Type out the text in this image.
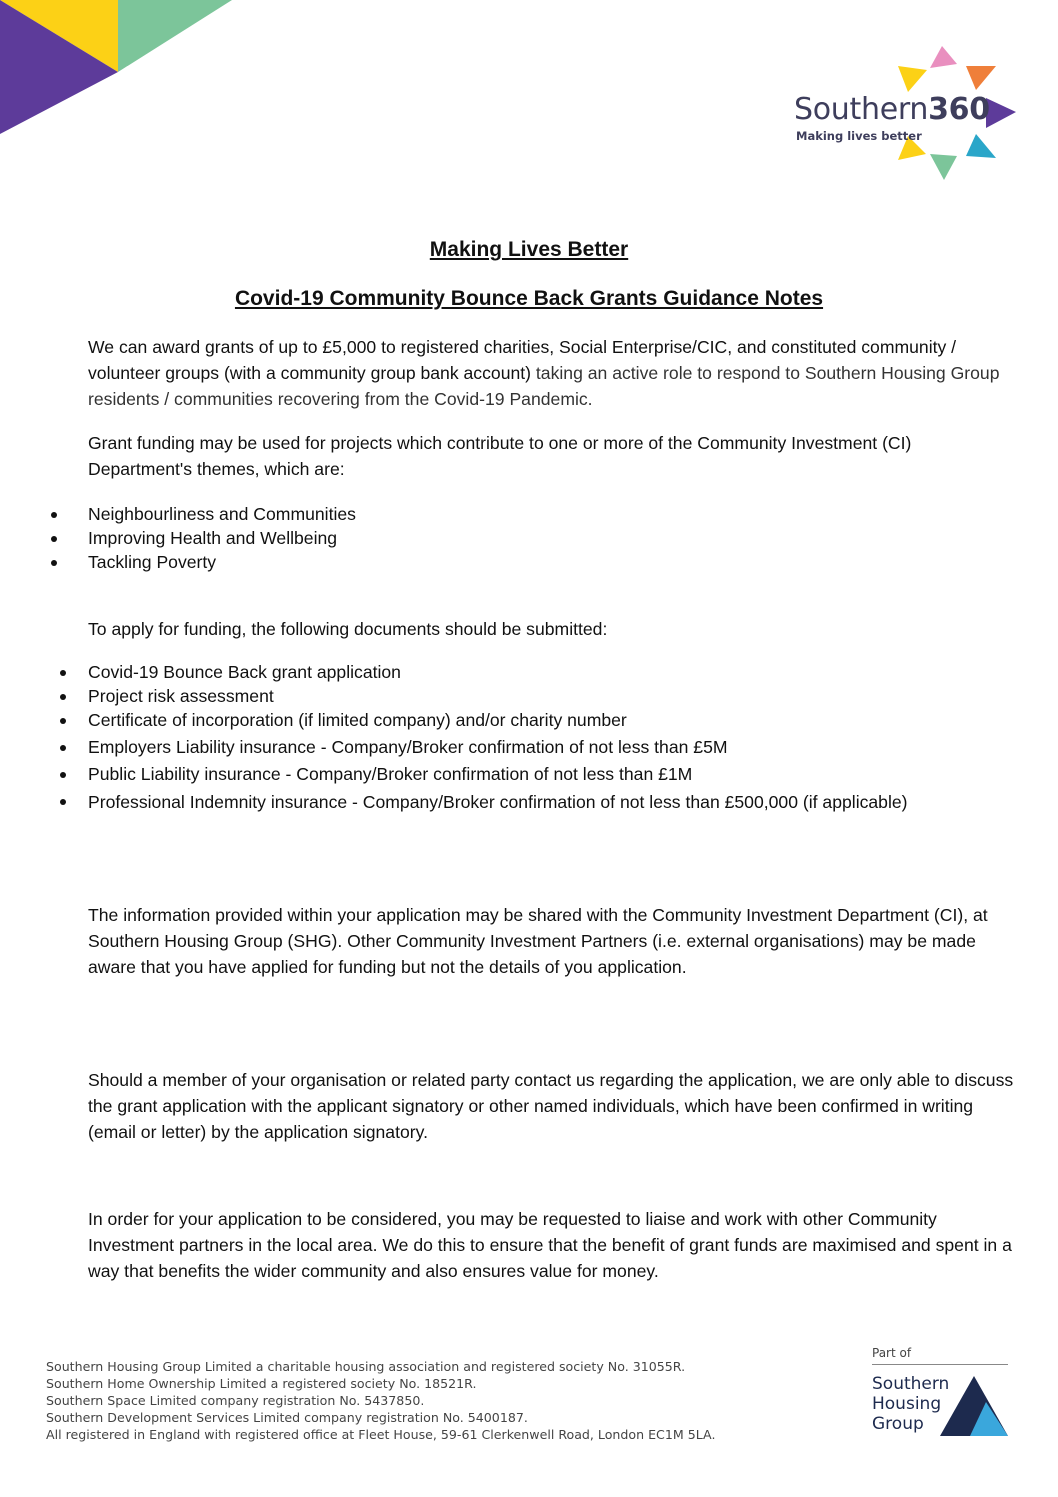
Southern360
Making lives better
Making Lives Better
Covid-19 Community Bounce Back Grants Guidance Notes
We can award grants of up to £5,000 to registered charities, Social Enterprise/CIC, and constituted community / volunteer groups (with a community group bank account) taking an active role to respond to Southern Housing Group residents / communities recovering from the Covid-19 Pandemic.
Grant funding may be used for projects which contribute to one or more of the Community Investment (CI) Department's themes, which are:
Neighbourliness and Communities
Improving Health and Wellbeing
Tackling Poverty
To apply for funding, the following documents should be submitted:
Covid-19 Bounce Back grant application
Project risk assessment
Certificate of incorporation (if limited company) and/or charity number
Employers Liability insurance - Company/Broker confirmation of not less than £5M
Public Liability insurance - Company/Broker confirmation of not less than £1M
Professional Indemnity insurance - Company/Broker confirmation of not less than £500,000 (if applicable)
The information provided within your application may be shared with the Community Investment Department (CI), at Southern Housing Group (SHG). Other Community Investment Partners (i.e. external organisations) may be made aware that you have applied for funding but not the details of you application.
Should a member of your organisation or related party contact us regarding the application, we are only able to discuss the grant application with the applicant signatory or other named individuals, which have been confirmed in writing (email or letter) by the application signatory.
In order for your application to be considered, you may be requested to liaise and work with other Community Investment partners in the local area. We do this to ensure that the benefit of grant funds are maximised and spent in a way that benefits the wider community and also ensures value for money.
Southern Housing Group Limited a charitable housing association and registered society No. 31055R.
Southern Home Ownership Limited a registered society No. 18521R.
Southern Space Limited company registration No. 5437850.
Southern Development Services Limited company registration No. 5400187.
All registered in England with registered office at Fleet House, 59-61 Clerkenwell Road, London EC1M 5LA.
Part of
Southern
Housing
Group
